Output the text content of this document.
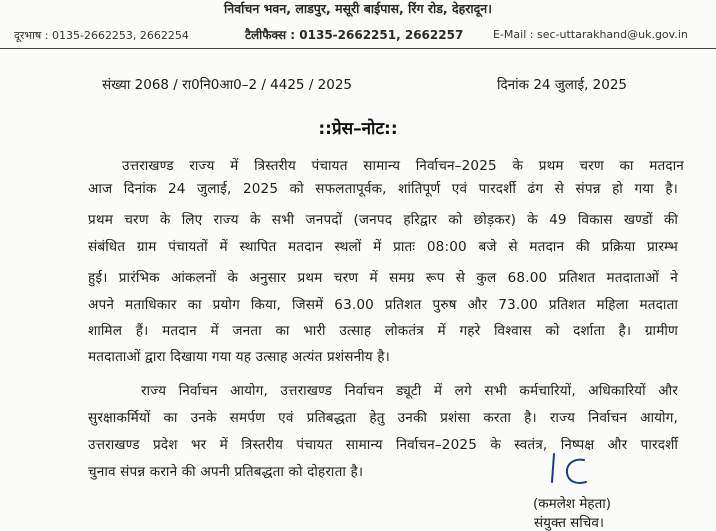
निर्वाचन भवन, लाडपुर, मसूरी बाईपास, रिंग रोड, देहरादून।
दूरभाष : 0135-2662253, 2662254	टैलीफैक्स : 0135-2662251, 2662257	E-Mail : sec-uttarakhand@uk.gov.in
संख्या 2068 / रा0नि0आ0–2 / 4425 / 2025	दिनांक 24 जुलाई, 2025
::प्रेस–नोट::
उत्तराखण्ड राज्य में त्रिस्तरीय पंचायत सामान्य निर्वाचन–2025 के प्रथम चरण का मतदान
आज दिनांक 24 जुलाई, 2025 को सफलतापूर्वक, शांतिपूर्ण एवं पारदर्शी ढंग से संपन्न हो गया है।
प्रथम चरण के लिए राज्य के सभी जनपदों (जनपद हरिद्वार को छोड़कर) के 49 विकास खण्डों की
संबंधित ग्राम पंचायतों में स्थापित मतदान स्थलों में प्रातः 08:00 बजे से मतदान की प्रक्रिया प्रारम्भ
हुई। प्रारंभिक आंकलनों के अनुसार प्रथम चरण में समग्र रूप से कुल 68.00 प्रतिशत मतदाताओं ने
अपने मताधिकार का प्रयोग किया, जिसमें 63.00 प्रतिशत पुरुष और 73.00 प्रतिशत महिला मतदाता
शामिल हैं। मतदान में जनता का भारी उत्साह लोकतंत्र में गहरे विश्वास को दर्शाता है। ग्रामीण
मतदाताओं द्वारा दिखाया गया यह उत्साह अत्यंत प्रशंसनीय है।
राज्य निर्वाचन आयोग, उत्तराखण्ड निर्वाचन ड्यूटी में लगे सभी कर्मचारियों, अधिकारियों और
सुरक्षाकर्मियों का उनके समर्पण एवं प्रतिबद्धता हेतु उनकी प्रशंसा करता है। राज्य निर्वाचन आयोग,
उत्तराखण्ड प्रदेश भर में त्रिस्तरीय पंचायत सामान्य निर्वाचन–2025 के स्वतंत्र, निष्पक्ष और पारदर्शी
चुनाव संपन्न कराने की अपनी प्रतिबद्धता को दोहराता है।
(कमलेश मेहता)
संयुक्त सचिव।
